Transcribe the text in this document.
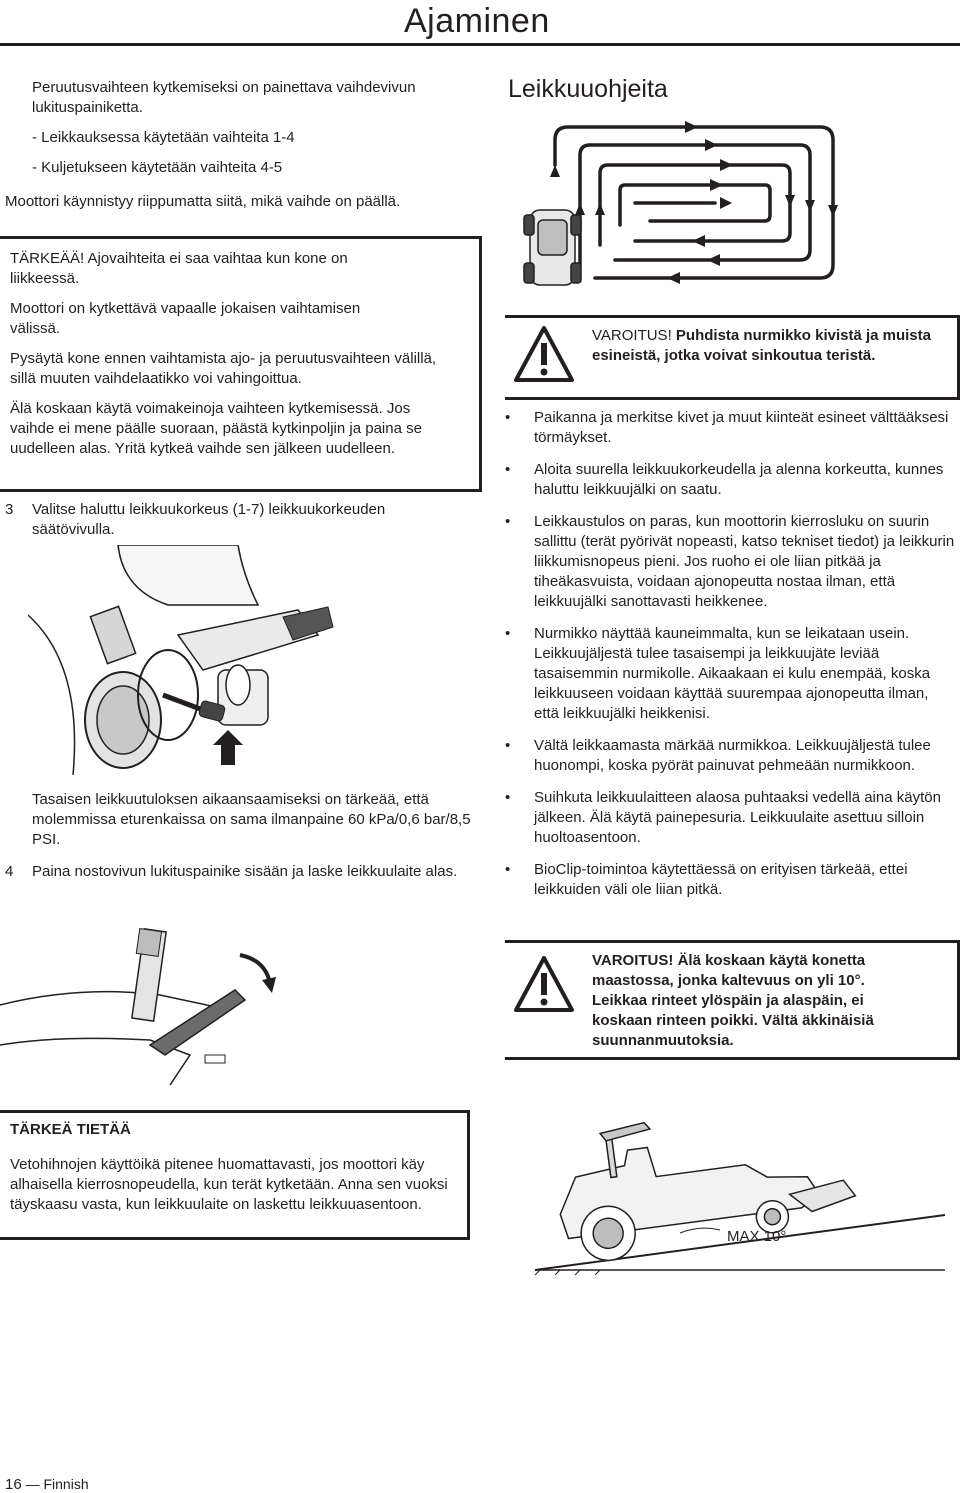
Ajaminen
Peruutusvaihteen kytkemiseksi on painettava vaihdevivun lukituspainiketta.
- Leikkauksessa käytetään vaihteita 1-4
- Kuljetukseen käytetään vaihteita 4-5
Moottori käynnistyy riippumatta siitä, mikä vaihde on päällä.
TÄRKEÄÄ! Ajovaihteita ei saa vaihtaa kun kone on liikkeessä.
Moottori on kytkettävä vapaalle jokaisen vaihtamisen välissä.
Pysäytä kone ennen vaihtamista ajo- ja peruutusvaihteen välillä, sillä muuten vaihdelaatikko voi vahingoittua.
Älä koskaan käytä voimakeinoja vaihteen kytkemisessä. Jos vaihde ei mene päälle suoraan, päästä kytkinpoljin ja paina se uudelleen alas. Yritä kytkeä vaihde sen jälkeen uudelleen.
3	Valitse haluttu leikkuukorkeus (1-7) leikkuukorkeuden säätövivulla.
Tasaisen leikkuutuloksen aikaansaamiseksi on tärkeää, että molemmissa eturenkaissa on sama ilmanpaine 60 kPa/0,6 bar/8,5 PSI.
4	Paina nostovivun lukituspainike sisään ja laske leikkuulaite alas.
TÄRKEÄ TIETÄÄ
Vetohihnojen käyttöikä pitenee huomattavasti, jos moottori käy alhaisella kierrosnopeudella, kun terät kytketään. Anna sen vuoksi täyskaasu vasta, kun leikkuulaite on laskettu leikkuuasentoon.
Leikkuuohjeita
VAROITUS! Puhdista nurmikko kivistä ja muista esineistä, jotka voivat sinkoutua teristä.
• Paikanna ja merkitse kivet ja muut kiinteät esineet välttääksesi törmäykset.
• Aloita suurella leikkuukorkeudella ja alenna korkeutta, kunnes haluttu leikkuujälki on saatu.
• Leikkaustulos on paras, kun moottorin kierrosluku on suurin sallittu (terät pyörivät nopeasti, katso tekniset tiedot) ja leikkurin liikkumisnopeus pieni. Jos ruoho ei ole liian pitkää ja tiheäkasvuista, voidaan ajonopeutta nostaa ilman, että leikkuujälki sanottavasti heikkenee.
• Nurmikko näyttää kauneimmalta, kun se leikataan usein. Leikkuujäljestä tulee tasaisempi ja leikkuujäte leviää tasaisemmin nurmikolle. Aikaakaan ei kulu enempää, koska leikkuuseen voidaan käyttää suurempaa ajonopeutta ilman, että leikkuujälki heikkenisi.
• Vältä leikkaamasta märkää nurmikkoa. Leikkuujäljestä tulee huonompi, koska pyörät painuvat pehmeään nurmikkoon.
• Suihkuta leikkuulaitteen alaosa puhtaaksi vedellä aina käytön jälkeen. Älä käytä painepesuria. Leikkuulaite asettuu silloin huoltoasentoon.
• BioClip-toimintoa käytettäessä on erityisen tärkeää, ettei leikkuiden väli ole liian pitkä.
VAROITUS! Älä koskaan käytä konetta maastossa, jonka kaltevuus on yli 10°. Leikkaa rinteet ylöspäin ja alaspäin, ei koskaan rinteen poikki. Vältä äkkinäisiä suunnanmuutoksia.
MAX 10°
16 — Finnish
